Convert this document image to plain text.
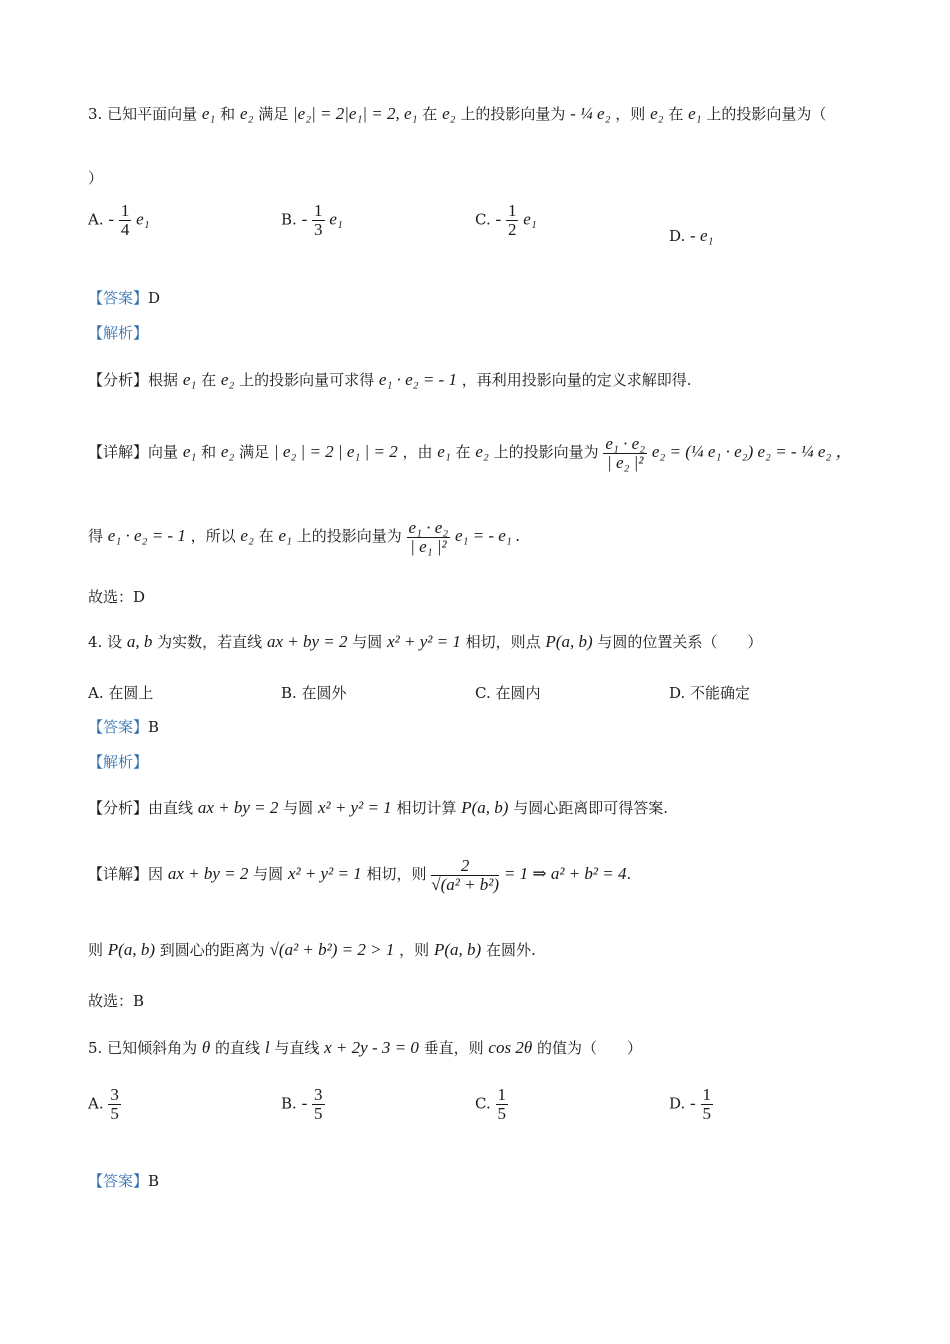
3. 已知平面向量 e₁ 和 e₂ 满足 |e₂| = 2|e₁| = 2, e₁ 在 e₂ 上的投影向量为 - ¼ e₂ ，则 e₂ 在 e₁ 上的投影向量为（
）
A. - $\frac{1}{4} e_1$	B. - $\frac{1}{3} e_1$	C. - $\frac{1}{2} e_1$
D. - e₁
【答案】D
【解析】
【分析】根据 e₁ 在 e₂ 上的投影向量可求得 e₁ · e₂ = - 1 ，再利用投影向量的定义求解即得.
【详解】向量 e₁ 和 e₂ 满足 | e₂ | = 2 | e₁ | = 2 ，由 e₁ 在 e₂ 上的投影向量为 $\frac{\text{e₁ · e₂}}{\text{| e₂ |²}} e_2$ = (¼ e₁ · e₂) e₂ = - ¼ e₂ ，
得 e₁ · e₂ = - 1 ，所以 e₂ 在 e₁ 上的投影向量为 $\frac{\text{e₁ · e₂}}{\text{| e₁ |²}} e_1$ = - e₁ .
故选：D
4. 设 a, b 为实数，若直线 ax + by = 2 与圆 x² + y² = 1 相切，则点 P(a, b) 与圆的位置关系（　　）
A. 在圆上	B. 在圆外	C. 在圆内	D. 不能确定
【答案】B
【解析】
【分析】由直线 ax + by = 2 与圆 x² + y² = 1 相切计算 P(a, b) 与圆心距离即可得答案.
【详解】因 ax + by = 2 与圆 x² + y² = 1 相切，则 $\frac{2}{\text{√(a² + b²)}} = 1$ ⇒ a² + b² = 4.
则 P(a, b) 到圆心的距离为 √(a² + b²) = 2 > 1 ，则 P(a, b) 在圆外.
故选：B
5. 已知倾斜角为 θ 的直线 l 与直线 x + 2y - 3 = 0 垂直，则 cos 2θ 的值为（　　）
A. $\frac{3}{5}$	B. - $\frac{3}{5}$	C. $\frac{1}{5}$	D. - $\frac{1}{5}$
【答案】B
